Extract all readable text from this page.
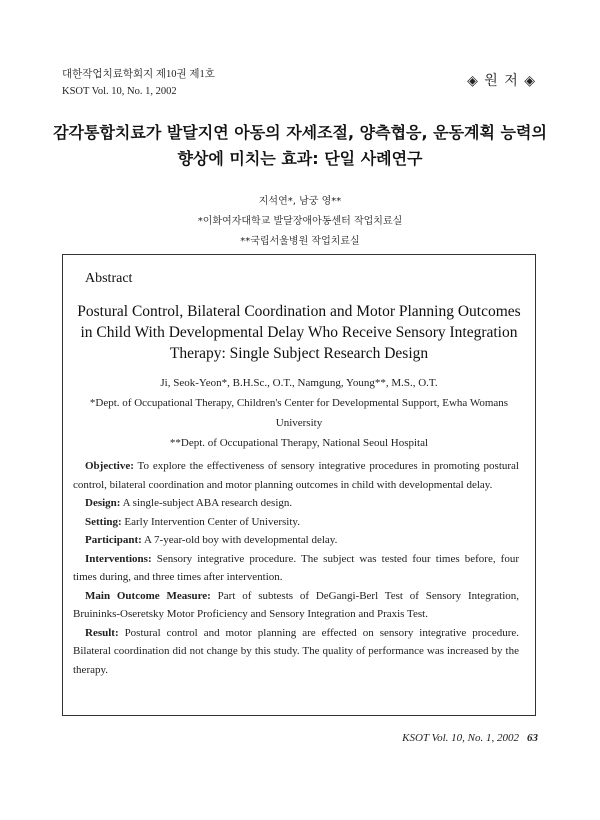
대한작업치료학회지 제10권 제1호
KSOT Vol. 10, No. 1, 2002
◈ 원 저 ◈
감각통합치료가 발달지연 아동의 자세조절, 양측협응, 운동계획 능력의
향상에 미치는 효과: 단일 사례연구
지석연*, 남궁 영**
*이화여자대학교 발달장애아동센터 작업치료실
**국립서울병원 작업치료실
Abstract
Postural Control, Bilateral Coordination and Motor Planning Outcomes
in Child With Developmental Delay Who Receive Sensory Integration
Therapy: Single Subject Research Design
Ji, Seok-Yeon*, B.H.Sc., O.T., Namgung, Young**, M.S., O.T.
*Dept. of Occupational Therapy, Children's Center for Developmental Support, Ewha Womans University
**Dept. of Occupational Therapy, National Seoul Hospital

Objective: To explore the effectiveness of sensory integrative procedures in promoting postural control, bilateral coordination and motor planning outcomes in child with developmental delay.

Design: A single-subject ABA research design.

Setting: Early Intervention Center of University.

Participant: A 7-year-old boy with developmental delay.

Interventions: Sensory integrative procedure. The subject was tested four times before, four times during, and three times after intervention.

Main Outcome Measure: Part of subtests of DeGangi-Berl Test of Sensory Integration, Bruininks-Oseretsky Motor Proficiency and Sensory Integration and Praxis Test.

Result: Postural control and motor planning are effected on sensory integrative procedure. Bilateral coordination did not change by this study. The quality of performance was increased by the therapy.

KSOT Vol. 10, No. 1, 2002 63
